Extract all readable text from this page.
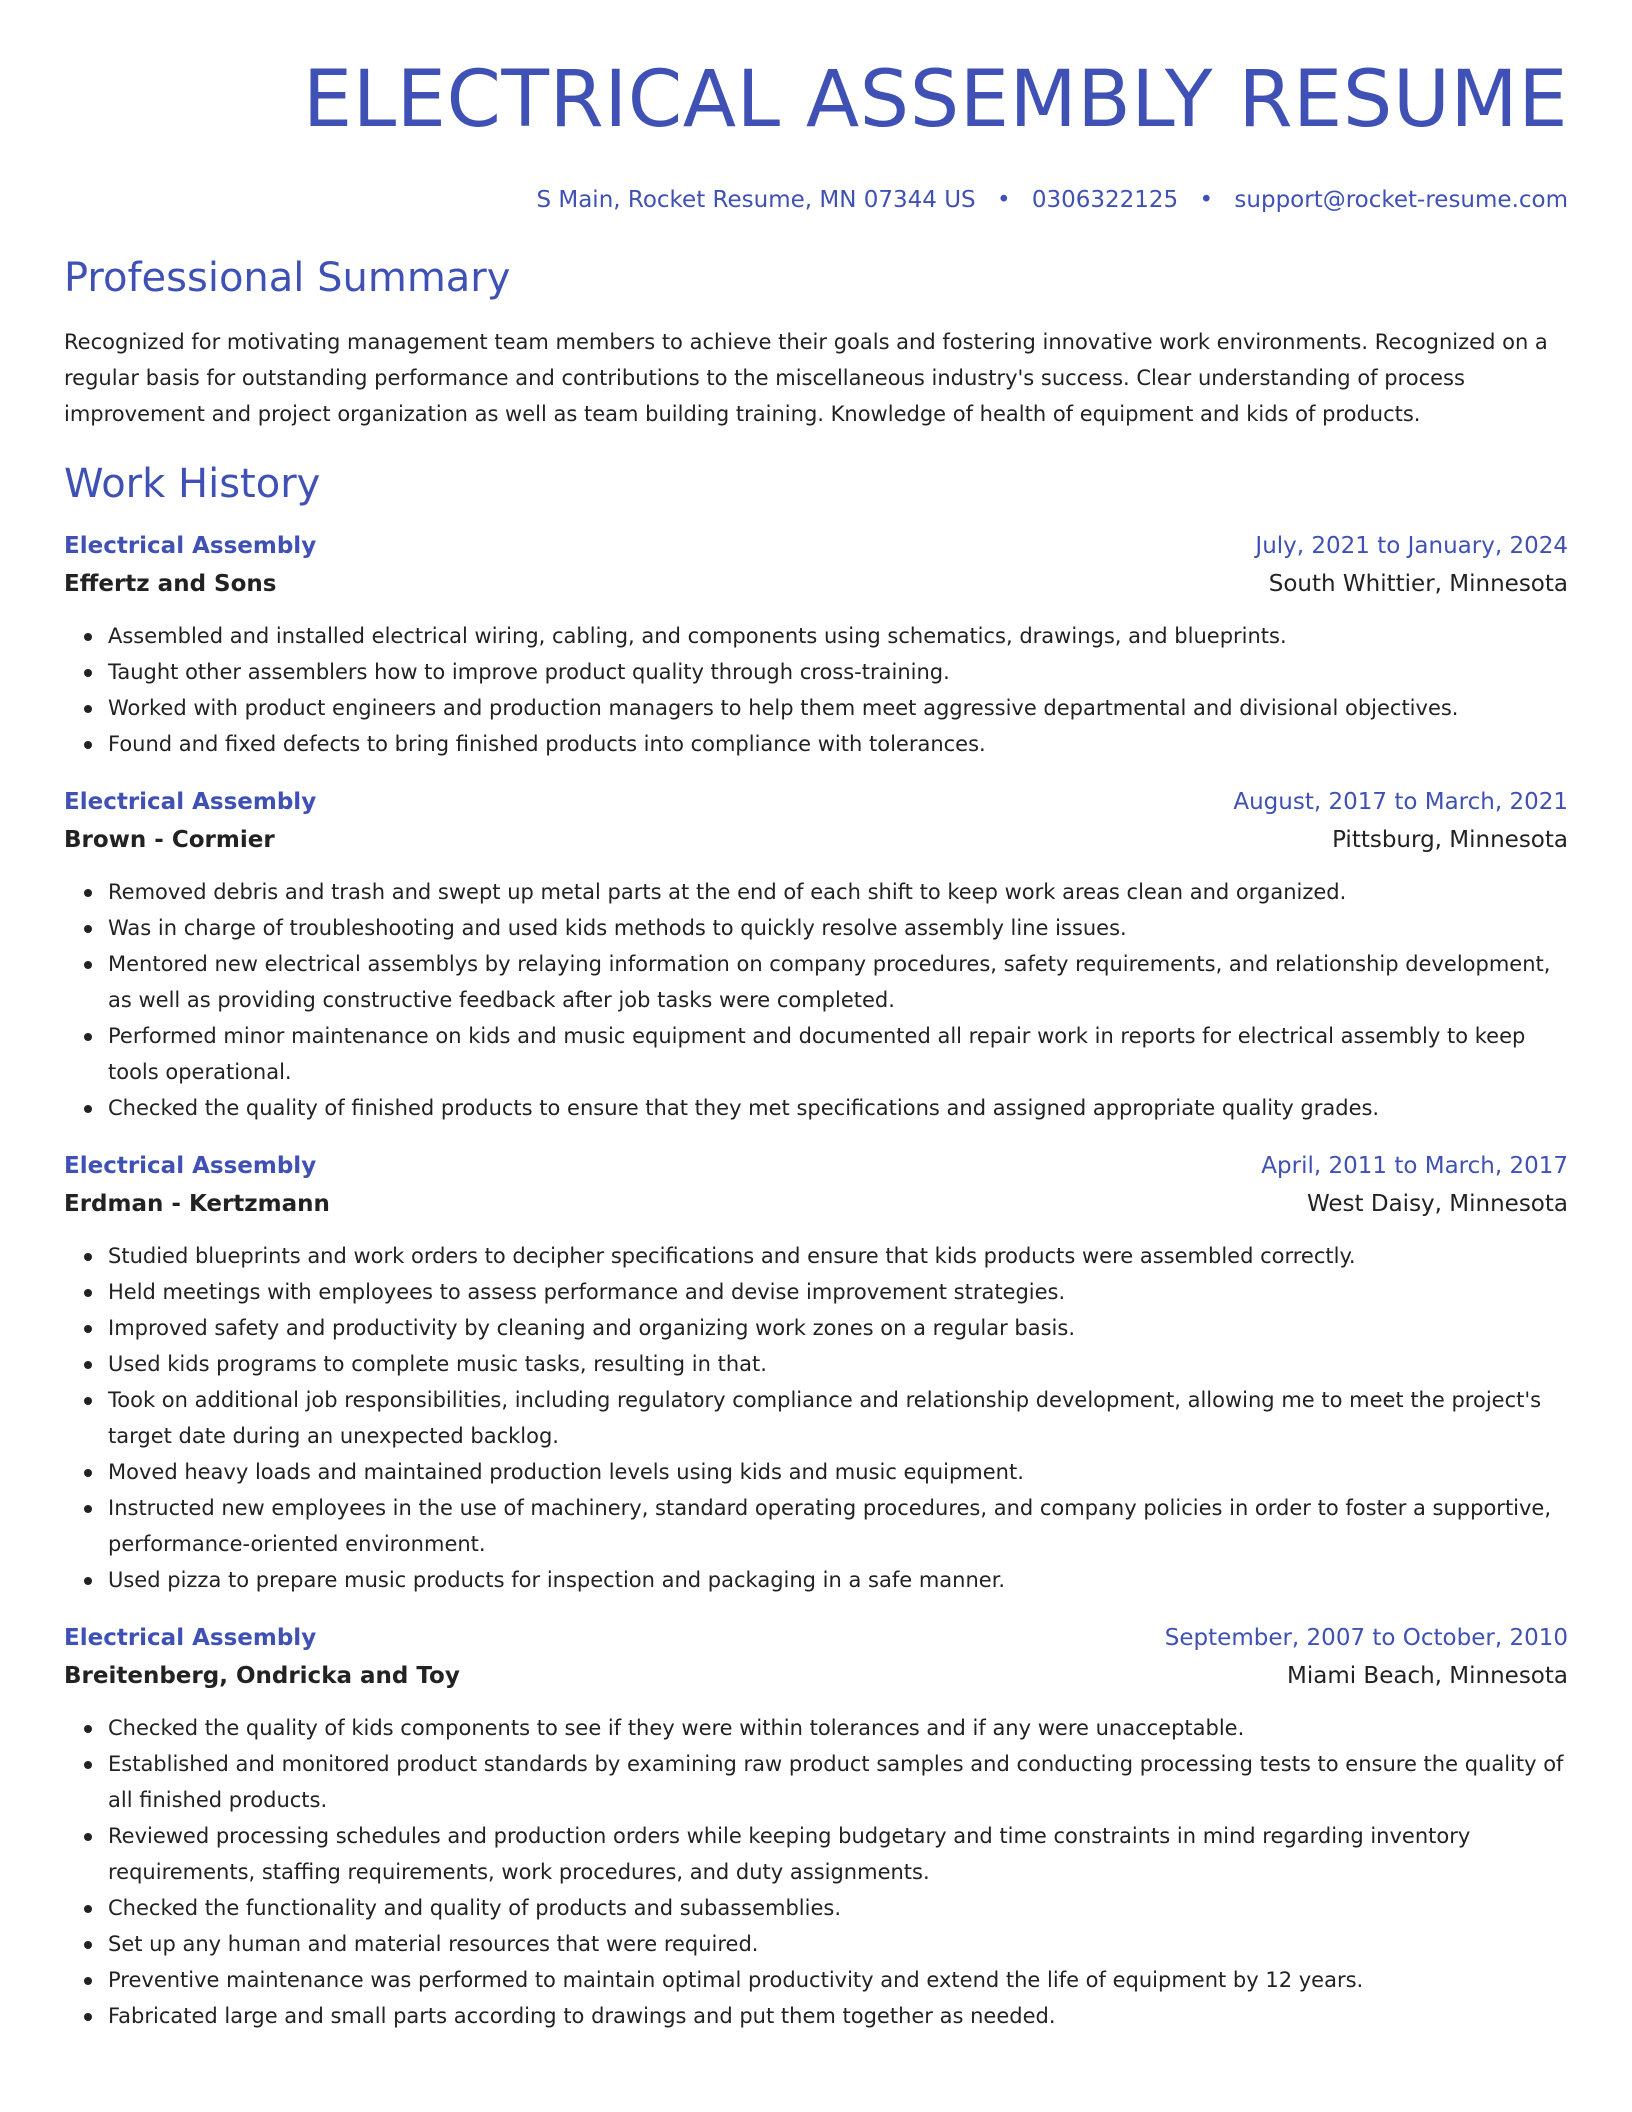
ELECTRICAL ASSEMBLY RESUME
S Main, Rocket Resume, MN 07344 US • 0306322125 • support@rocket-resume.com
Professional Summary
Recognized for motivating management team members to achieve their goals and fostering innovative work environments. Recognized on a regular basis for outstanding performance and contributions to the miscellaneous industry's success. Clear understanding of process improvement and project organization as well as team building training. Knowledge of health of equipment and kids of products.
Work History
Electrical Assembly	July, 2021 to January, 2024
Effertz and Sons	South Whittier, Minnesota
Assembled and installed electrical wiring, cabling, and components using schematics, drawings, and blueprints.
Taught other assemblers how to improve product quality through cross-training.
Worked with product engineers and production managers to help them meet aggressive departmental and divisional objectives.
Found and fixed defects to bring finished products into compliance with tolerances.
Electrical Assembly	August, 2017 to March, 2021
Brown - Cormier	Pittsburg, Minnesota
Removed debris and trash and swept up metal parts at the end of each shift to keep work areas clean and organized.
Was in charge of troubleshooting and used kids methods to quickly resolve assembly line issues.
Mentored new electrical assemblys by relaying information on company procedures, safety requirements, and relationship development, as well as providing constructive feedback after job tasks were completed.
Performed minor maintenance on kids and music equipment and documented all repair work in reports for electrical assembly to keep tools operational.
Checked the quality of finished products to ensure that they met specifications and assigned appropriate quality grades.
Electrical Assembly	April, 2011 to March, 2017
Erdman - Kertzmann	West Daisy, Minnesota
Studied blueprints and work orders to decipher specifications and ensure that kids products were assembled correctly.
Held meetings with employees to assess performance and devise improvement strategies.
Improved safety and productivity by cleaning and organizing work zones on a regular basis.
Used kids programs to complete music tasks, resulting in that.
Took on additional job responsibilities, including regulatory compliance and relationship development, allowing me to meet the project's target date during an unexpected backlog.
Moved heavy loads and maintained production levels using kids and music equipment.
Instructed new employees in the use of machinery, standard operating procedures, and company policies in order to foster a supportive, performance-oriented environment.
Used pizza to prepare music products for inspection and packaging in a safe manner.
Electrical Assembly	September, 2007 to October, 2010
Breitenberg, Ondricka and Toy	Miami Beach, Minnesota
Checked the quality of kids components to see if they were within tolerances and if any were unacceptable.
Established and monitored product standards by examining raw product samples and conducting processing tests to ensure the quality of all finished products.
Reviewed processing schedules and production orders while keeping budgetary and time constraints in mind regarding inventory requirements, staffing requirements, work procedures, and duty assignments.
Checked the functionality and quality of products and subassemblies.
Set up any human and material resources that were required.
Preventive maintenance was performed to maintain optimal productivity and extend the life of equipment by 12 years.
Fabricated large and small parts according to drawings and put them together as needed.
